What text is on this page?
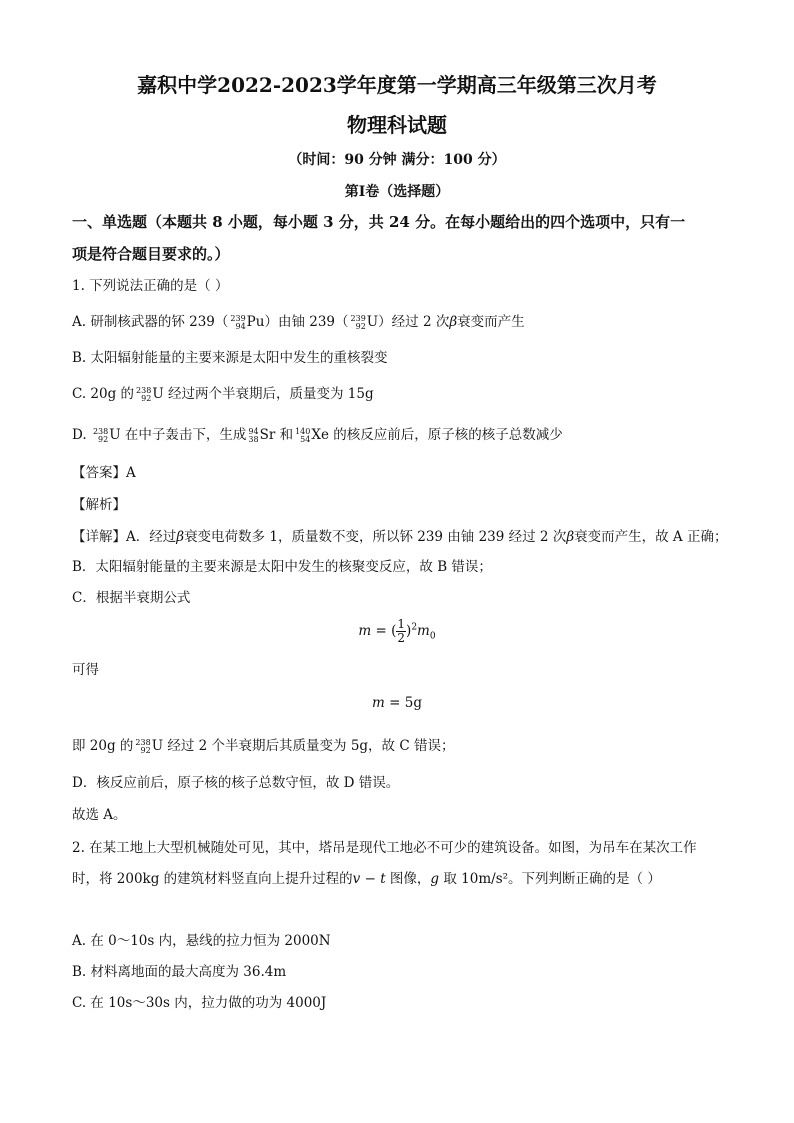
嘉积中学2022-2023学年度第一学期高三年级第三次月考
物理科试题
（时间：90 分钟 满分：100 分）
第Ⅰ卷（选择题）
一、单选题（本题共 8 小题，每小题 3 分，共 24 分。在每小题给出的四个选项中，只有一
项是符合题目要求的。）
1. 下列说法正确的是（ ）
A. 研制核武器的钚 239（ 239
94 Pu）由铀 239（ 239
92 U）经过 2 次β衰变而产生
B. 太阳辐射能量的主要来源是太阳中发生的重核裂变
C. 20g 的 238
92 U 经过两个半衰期后，质量变为 15g
D. 238
92 U 在中子轰击下，生成 94
38 Sr 和 140
54 Xe 的核反应前后，原子核的核子总数减少
【答案】A
【解析】
【详解】A．经过β衰变电荷数多 1，质量数不变，所以钚 239 由铀 239 经过 2 次β衰变而产生，故 A 正确；
B．太阳辐射能量的主要来源是太阳中发生的核聚变反应，故 B 错误；
C．根据半衰期公式
m = ( $\frac{1}{2} )^2m_0$
可得
m = 5g
即 20g 的 238
92 U 经过 2 个半衰期后其质量变为 5g，故 C 错误；
D．核反应前后，原子核的核子总数守恒，故 D 错误。
故选 A。
2. 在某工地上大型机械随处可见，其中，塔吊是现代工地必不可少的建筑设备。如图，为吊车在某次工作
时，将 200kg 的建筑材料竖直向上提升过程的v − t 图像，g 取 10m/s²。下列判断正确的是（ ）
A. 在 0～10s 内，悬线的拉力恒为 2000N
B. 材料离地面的最大高度为 36.4m
C. 在 10s～30s 内，拉力做的功为 4000J
